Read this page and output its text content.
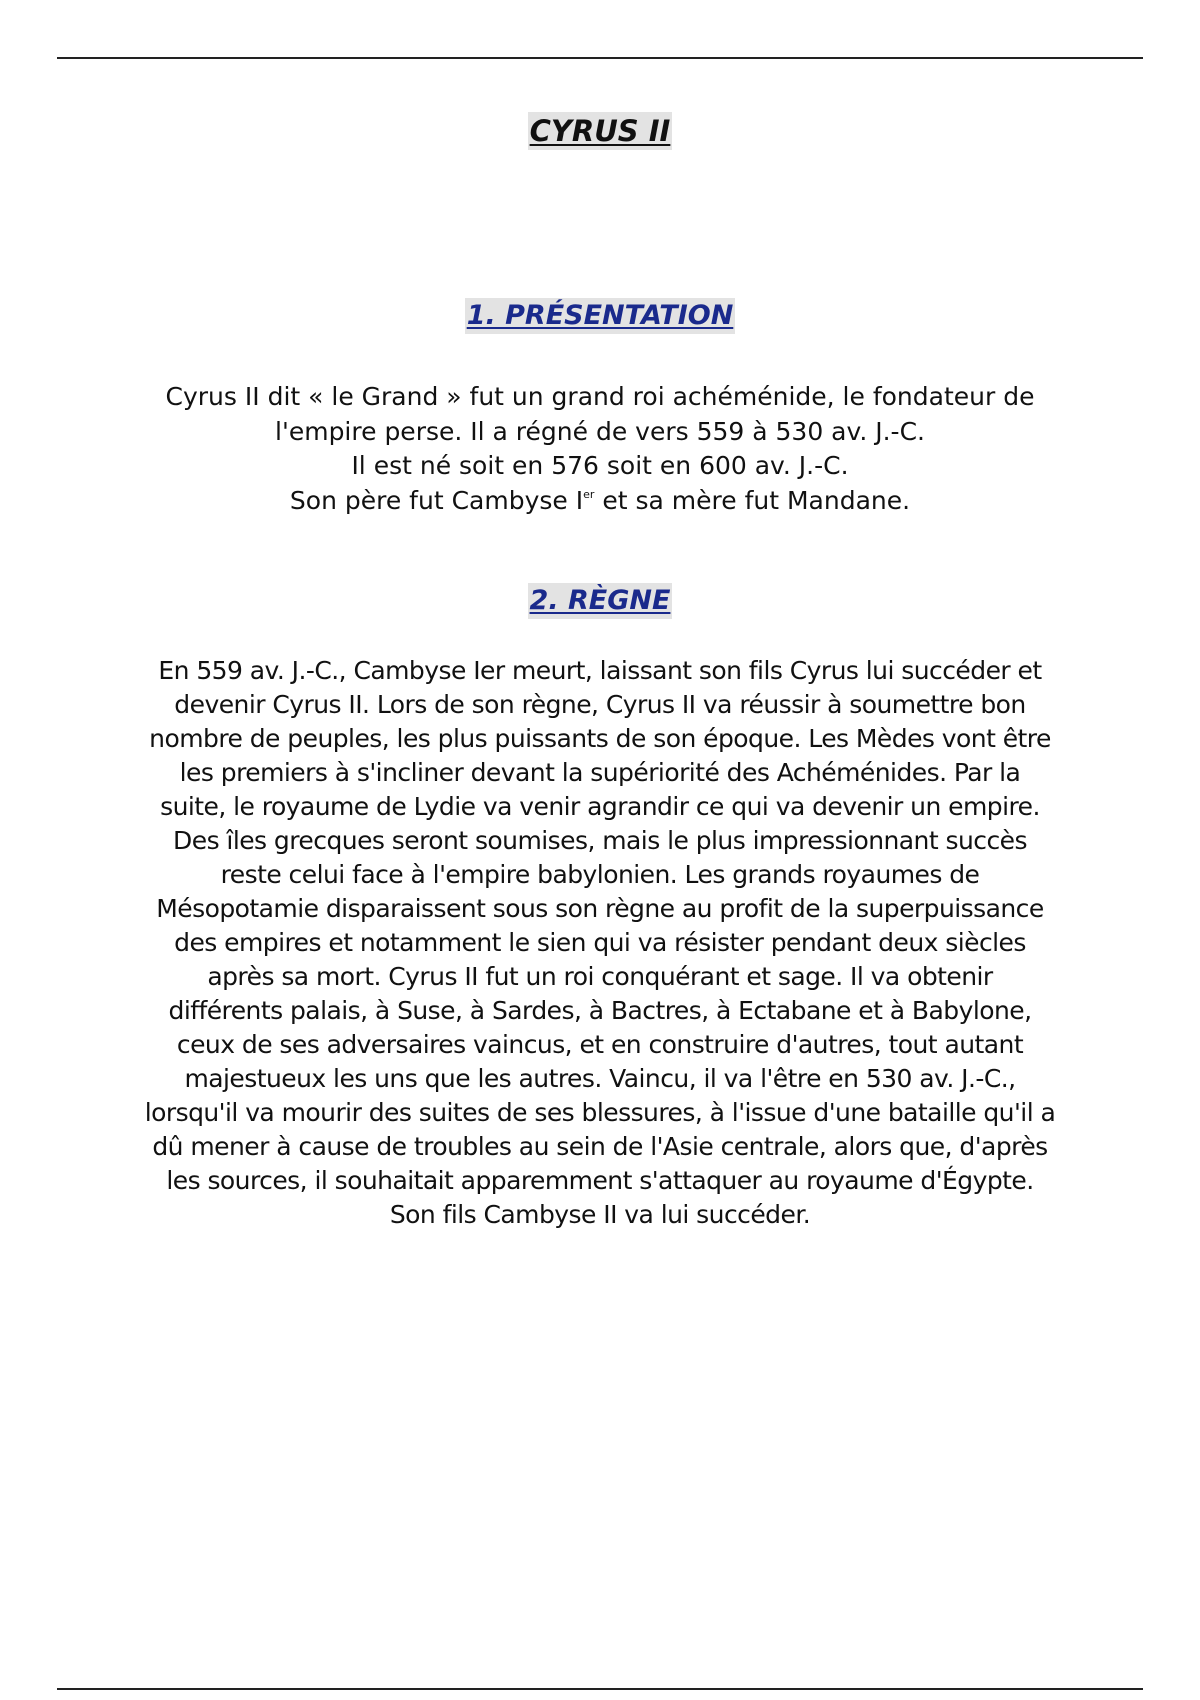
CYRUS II
1. PRÉSENTATION

Cyrus II dit « le Grand » fut un grand roi achéménide, le fondateur de
l'empire perse. Il a régné de vers 559 à 530 av. J.-C.
Il est né soit en 576 soit en 600 av. J.-C.
Son père fut Cambyse Ier et sa mère fut Mandane.

2. RÈGNE

En 559 av. J.-C., Cambyse Ier meurt, laissant son fils Cyrus lui succéder et
devenir Cyrus II. Lors de son règne, Cyrus II va réussir à soumettre bon
nombre de peuples, les plus puissants de son époque. Les Mèdes vont être
les premiers à s'incliner devant la supériorité des Achéménides. Par la
suite, le royaume de Lydie va venir agrandir ce qui va devenir un empire.
Des îles grecques seront soumises, mais le plus impressionnant succès
reste celui face à l'empire babylonien. Les grands royaumes de
Mésopotamie disparaissent sous son règne au profit de la superpuissance
des empires et notamment le sien qui va résister pendant deux siècles
après sa mort. Cyrus II fut un roi conquérant et sage. Il va obtenir
différents palais, à Suse, à Sardes, à Bactres, à Ectabane et à Babylone,
ceux de ses adversaires vaincus, et en construire d'autres, tout autant
majestueux les uns que les autres. Vaincu, il va l'être en 530 av. J.-C.,
lorsqu'il va mourir des suites de ses blessures, à l'issue d'une bataille qu'il a
dû mener à cause de troubles au sein de l'Asie centrale, alors que, d'après
les sources, il souhaitait apparemment s'attaquer au royaume d'Égypte.
Son fils Cambyse II va lui succéder.
